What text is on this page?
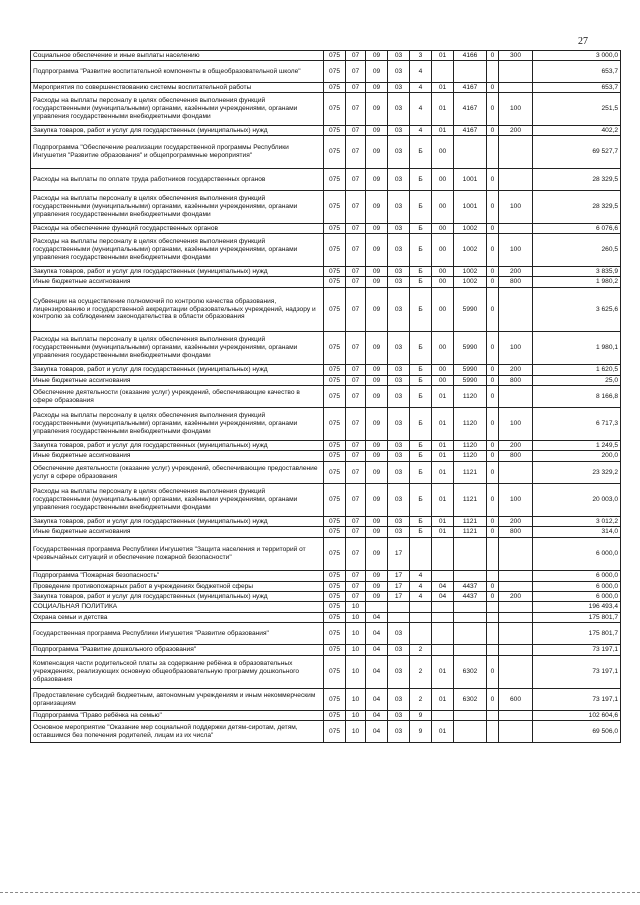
27
Социальное обеспечение и иные выплаты населению	075	07	09	03	3	01	4166	0	300	3 000,0
Подпрограмма "Развитие воспитательной компоненты в общеобразовательной школе"	075	07	09	03	4					653,7
Мероприятия по совершенствованию системы воспитательной работы	075	07	09	03	4	01	4167	0		653,7
Расходы на выплаты персоналу в целях обеспечения выполнения функций государственными (муниципальными) органами, казёнными учреждениями, органами управления государственными внебюджетными фондами	075	07	09	03	4	01	4167	0	100	251,5
Закупка товаров, работ и услуг для государственных (муниципальных) нужд	075	07	09	03	4	01	4167	0	200	402,2
Подпрограмма "Обеспечение реализации государственной программы Республики Ингушетия "Развитие образования" и общепрограммные мероприятия"	075	07	09	03	Б	00				69 527,7
Расходы на выплаты по оплате труда работников государственных органов	075	07	09	03	Б	00	1001	0		28 329,5
Расходы на выплаты персоналу в целях обеспечения выполнения функций государственными (муниципальными) органами, казёнными учреждениями, органами управления государственными внебюджетными фондами	075	07	09	03	Б	00	1001	0	100	28 329,5
Расходы на обеспечение функций государственных органов	075	07	09	03	Б	00	1002	0		6 076,6
Расходы на выплаты персоналу в целях обеспечения выполнения функций государственными (муниципальными) органами, казёнными учреждениями, органами управления государственными внебюджетными фондами	075	07	09	03	Б	00	1002	0	100	260,5
Закупка товаров, работ и услуг для государственных (муниципальных) нужд	075	07	09	03	Б	00	1002	0	200	3 835,9
Иные бюджетные ассигнования	075	07	09	03	Б	00	1002	0	800	1 980,2
Субвенции на осуществление полномочий по контролю качества образования, лицензированию и государственной аккредитации образовательных учреждений, надзору и контролю за соблюдением законодательства в области образования	075	07	09	03	Б	00	5990	0		3 625,6
Расходы на выплаты персоналу в целях обеспечения выполнения функций государственными (муниципальными) органами, казёнными учреждениями, органами управления государственными внебюджетными фондами	075	07	09	03	Б	00	5990	0	100	1 980,1
Закупка товаров, работ и услуг для государственных (муниципальных) нужд	075	07	09	03	Б	00	5990	0	200	1 620,5
Иные бюджетные ассигнования	075	07	09	03	Б	00	5990	0	800	25,0
Обеспечение деятельности (оказание услуг) учреждений, обеспечивающие качество в сфере образования	075	07	09	03	Б	01	1120	0		8 166,8
Расходы на выплаты персоналу в целях обеспечения выполнения функций государственными (муниципальными) органами, казёнными учреждениями, органами управления государственными внебюджетными фондами	075	07	09	03	Б	01	1120	0	100	6 717,3
Закупка товаров, работ и услуг для государственных (муниципальных) нужд	075	07	09	03	Б	01	1120	0	200	1 249,5
Иные бюджетные ассигнования	075	07	09	03	Б	01	1120	0	800	200,0
Обеспечение деятельности (оказание услуг) учреждений, обеспечивающие предоставление услуг в сфере образования	075	07	09	03	Б	01	1121	0		23 329,2
Расходы на выплаты персоналу в целях обеспечения выполнения функций государственными (муниципальными) органами, казёнными учреждениями, органами управления государственными внебюджетными фондами	075	07	09	03	Б	01	1121	0	100	20 003,0
Закупка товаров, работ и услуг для государственных (муниципальных) нужд	075	07	09	03	Б	01	1121	0	200	3 012,2
Иные бюджетные ассигнования	075	07	09	03	Б	01	1121	0	800	314,0
Государственная программа Республики Ингушетия "Защита населения и территорий от чрезвычайных ситуаций и обеспечение пожарной безопасности"	075	07	09	17						6 000,0
Подпрограмма "Пожарная безопасность"	075	07	09	17	4					6 000,0
Проведение противопожарных работ в учреждениях бюджетной сферы	075	07	09	17	4	04	4437	0		6 000,0
Закупка товаров, работ и услуг для государственных (муниципальных) нужд	075	07	09	17	4	04	4437	0	200	6 000,0
СОЦИАЛЬНАЯ ПОЛИТИКА	075	10								196 493,4
Охрана семьи и детства	075	10	04							175 801,7
Государственная программа Республики Ингушетия "Развитие образования"	075	10	04	03						175 801,7
Подпрограмма "Развитие дошкольного образования"	075	10	04	03	2					73 197,1
Компенсация части родительской платы за содержание ребёнка в образовательных учреждениях, реализующих основную общеобразовательную программу дошкольного образования	075	10	04	03	2	01	6302	0		73 197,1
Предоставление субсидий бюджетным, автономным учреждениям и иным некоммерческим организациям	075	10	04	03	2	01	6302	0	600	73 197,1
Подпрограмма "Право ребёнка на семью"	075	10	04	03	9					102 604,6
Основное мероприятие "Оказание мер социальной поддержки детям-сиротам, детям, оставшимся без попечения родителей, лицам из их числа"	075	10	04	03	9	01				69 506,0
